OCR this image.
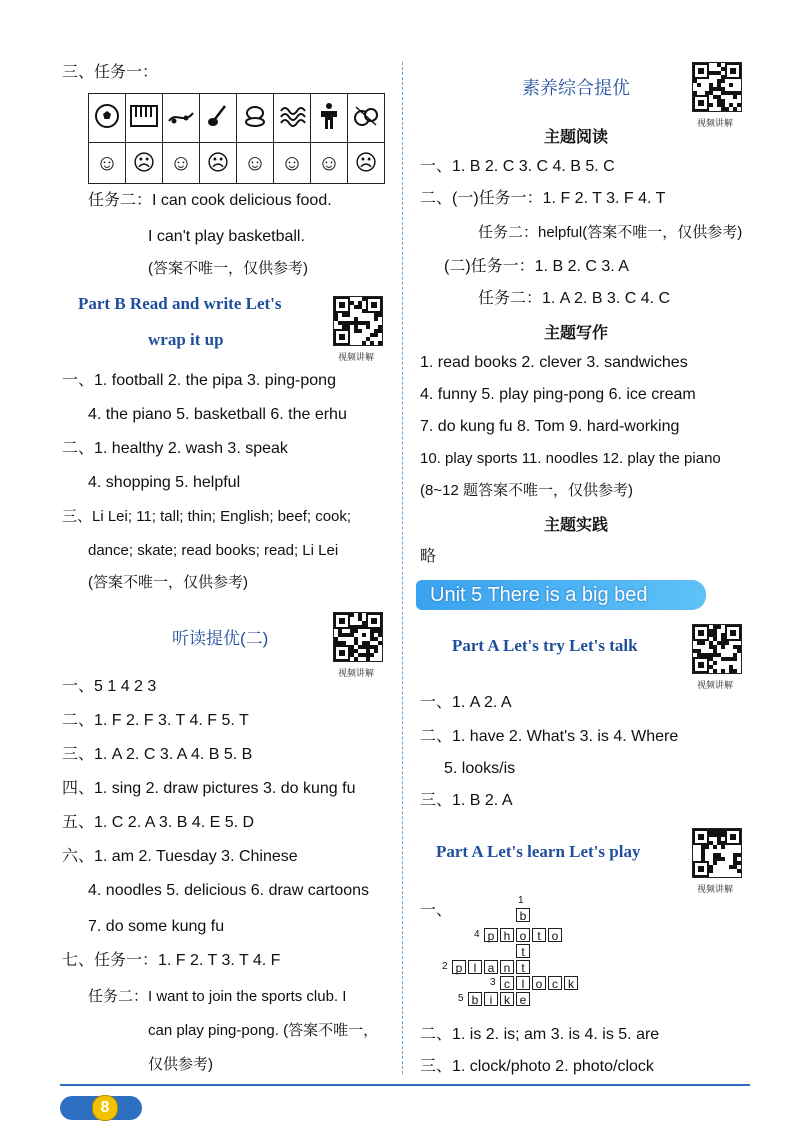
三、任务一：

☺	☹	☺	☹	☺	☺	☺	☹
任务二：I can cook delicious food.
I can't play basketball.
(答案不唯一，仅供参考)
Part B Read and write Let's
wrap it up
视频讲解
一、1. football 2. the pipa 3. ping-pong
4. the piano 5. basketball 6. the erhu
二、1. healthy 2. wash 3. speak
4. shopping 5. helpful
三、Li Lei; 11; tall; thin; English; beef; cook;
dance; skate; read books; read; Li Lei
(答案不唯一，仅供参考)
听读提优(二)
视频讲解
一、5 1 4 2 3
二、1. F 2. F 3. T 4. F 5. T
三、1. A 2. C 3. A 4. B 5. B
四、1. sing 2. draw pictures 3. do kung fu
五、1. C 2. A 3. B 4. E 5. D
六、1. am 2. Tuesday 3. Chinese
4. noodles 5. delicious 6. draw cartoons
7. do some kung fu
七、任务一：1. F 2. T 3. T 4. F
任务二：I want to join the sports club. I
can play ping-pong. (答案不唯一，
仅供参考)
素养综合提优
视频讲解
主题阅读
一、1. B 2. C 3. C 4. B 5. C
二、(一)任务一：1. F 2. T 3. F 4. T
任务二：helpful(答案不唯一，仅供参考)
(二)任务一：1. B 2. C 3. A
任务二：1. A 2. B 3. C 4. C
主题写作
1. read books 2. clever 3. sandwiches
4. funny 5. play ping-pong 6. ice cream
7. do kung fu 8. Tom 9. hard-working
10. play sports 11. noodles 12. play the piano
(8~12 题答案不唯一，仅供参考)
主题实践
略
Unit 5 There is a big bed
Part A Let's try Let's talk
视频讲解
一、1. A 2. A
二、1. have 2. What's 3. is 4. Where
5. looks/is
三、1. B 2. A
Part A Let's learn Let's play
视频讲解
一、
1
b
4 p h o t o
t
2 p l a n t
3 c l o c k
5 b i k e
二、1. is 2. is; am 3. is 4. is 5. are
三、1. clock/photo 2. photo/clock
8
